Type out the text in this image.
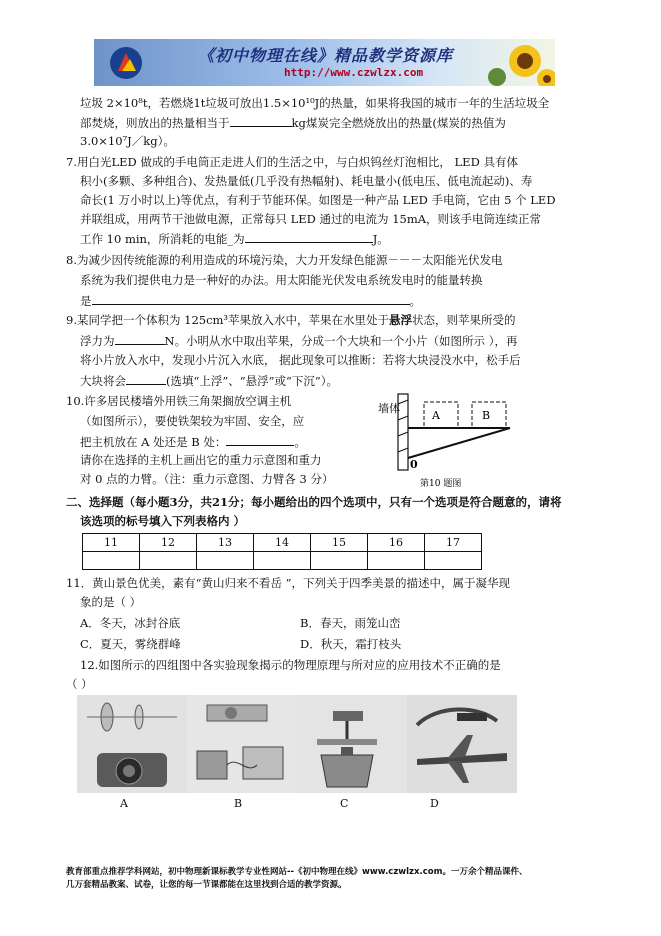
《初中物理在线》精品教学资源库
http://www.czwlzx.com
垃圾 2×10⁸t，若燃烧1t垃圾可放出1.5×10¹⁰J的热量，如果将我国的城市一年的生活垃圾全
部焚烧，则放出的热量相当于	kg煤炭完全燃烧放出的热量(煤炭的热值为
3.0×10⁷J／kg）。
7.用白光LED 做成的手电筒正走进人们的生活之中，与白炽钨丝灯泡相比， LED 具有体
积小(多颗、多种组合)、发热量低(几乎没有热幅射)、耗电量小(低电压、低电流起动)、寿
命长(1 万小时以上)等优点，有利于节能环保。如图是一种产品 LED 手电筒，它由 5 个 LED
并联组成，用两节干池做电源，正常每只 LED 通过的电流为 15mA，则该手电筒连续正常
工作 10 min，所消耗的电能_为	J。
8.为减少因传统能源的利用造成的环境污染，大力开发绿色能源－－－太阳能光伏发电
系统为我们提供电力是一种好的办法。用太阳能光伏发电系统发电时的能量转换
是	。
9.某同学把一个体积为 125cm³苹果放入水中，苹果在水里处于悬浮状态，则苹果所受的
浮力为	N。小明从水中取出苹果，分成一个大块和一个小片（如图所示 ），再
将小片放入水中，发现小片沉入水底， 据此现象可以推断：若将大块浸没水中，松手后
大块将会	(选填“上浮”、“悬浮”或“下沉”）。
10.许多居民楼墙外用铁三角架搁放空调主机
（如图所示），要使铁架较为牢固、安全，应
把主机放在 A 处还是 B 处：	。
请你在选择的主机上画出它的重力示意图和重力
对 0 点的力臂。（注：重力示意图、力臂各 3 分）
墙体
A	B
0
第10 题图
二、选择题（每小题3分，共21分；每小题给出的四个选项中，只有一个选项是符合题意的，请将
该选项的标号填入下列表格内 ）
11	12	13	14	15	16	17

11．黄山景色优美，素有“黄山归来不看岳 ”，下列关于四季美景的描述中，属于凝华现
象的是（ ）
A．冬天，冰封谷底	B．春天，雨笼山峦
C．夏天，雾绕群峰	D．秋天，霜打枝头
12.如图所示的四组图中各实验现象揭示的物理原理与所对应的应用技术不正确的是
（ ）
A	B	C	D
教育部重点推荐学科网站，初中物理新课标教学专业性网站--《初中物理在线》www.czwlzx.com。一万余个精品课件、
几万套精品教案、试卷，让您的每一节课都能在这里找到合适的教学资源。
